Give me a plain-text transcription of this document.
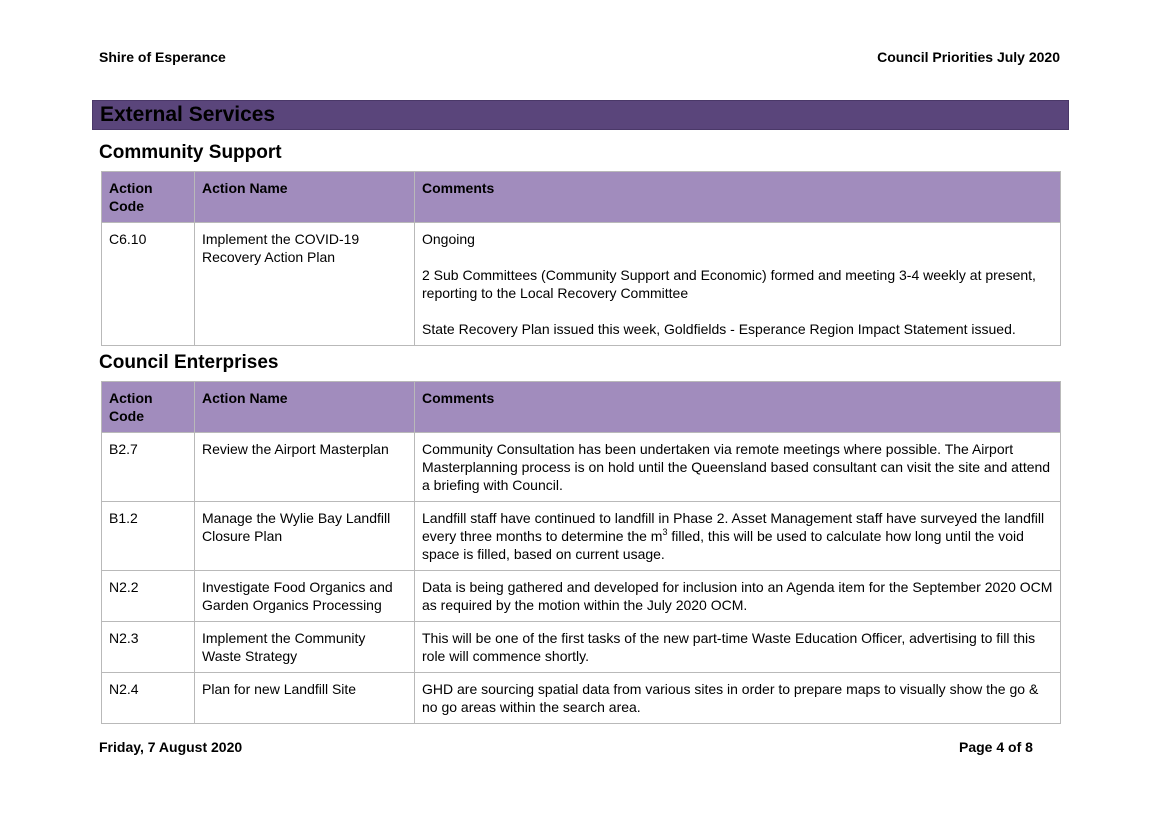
Shire of Esperance	Council Priorities July 2020
External Services
Community Support
Action Code	Action Name	Comments
C6.10	Implement the COVID-19 Recovery Action Plan	Ongoing

2 Sub Committees (Community Support and Economic) formed and meeting 3-4 weekly at present, reporting to the Local Recovery Committee

State Recovery Plan issued this week, Goldfields - Esperance Region Impact Statement issued.

Council Enterprises
Action Code	Action Name	Comments
B2.7	Review the Airport Masterplan	Community Consultation has been undertaken via remote meetings where possible. The Airport Masterplanning process is on hold until the Queensland based consultant can visit the site and attend a briefing with Council.
B1.2	Manage the Wylie Bay Landfill Closure Plan	Landfill staff have continued to landfill in Phase 2. Asset Management staff have surveyed the landfill every three months to determine the $m^3$ filled, this will be used to calculate how long until the void space is filled, based on current usage.
N2.2	Investigate Food Organics and Garden Organics Processing	Data is being gathered and developed for inclusion into an Agenda item for the September 2020 OCM as required by the motion within the July 2020 OCM.
N2.3	Implement the Community Waste Strategy	This will be one of the first tasks of the new part-time Waste Education Officer, advertising to fill this role will commence shortly.
N2.4	Plan for new Landfill Site	GHD are sourcing spatial data from various sites in order to prepare maps to visually show the go & no go areas within the search area.
Friday, 7 August 2020	Page 4 of 8
